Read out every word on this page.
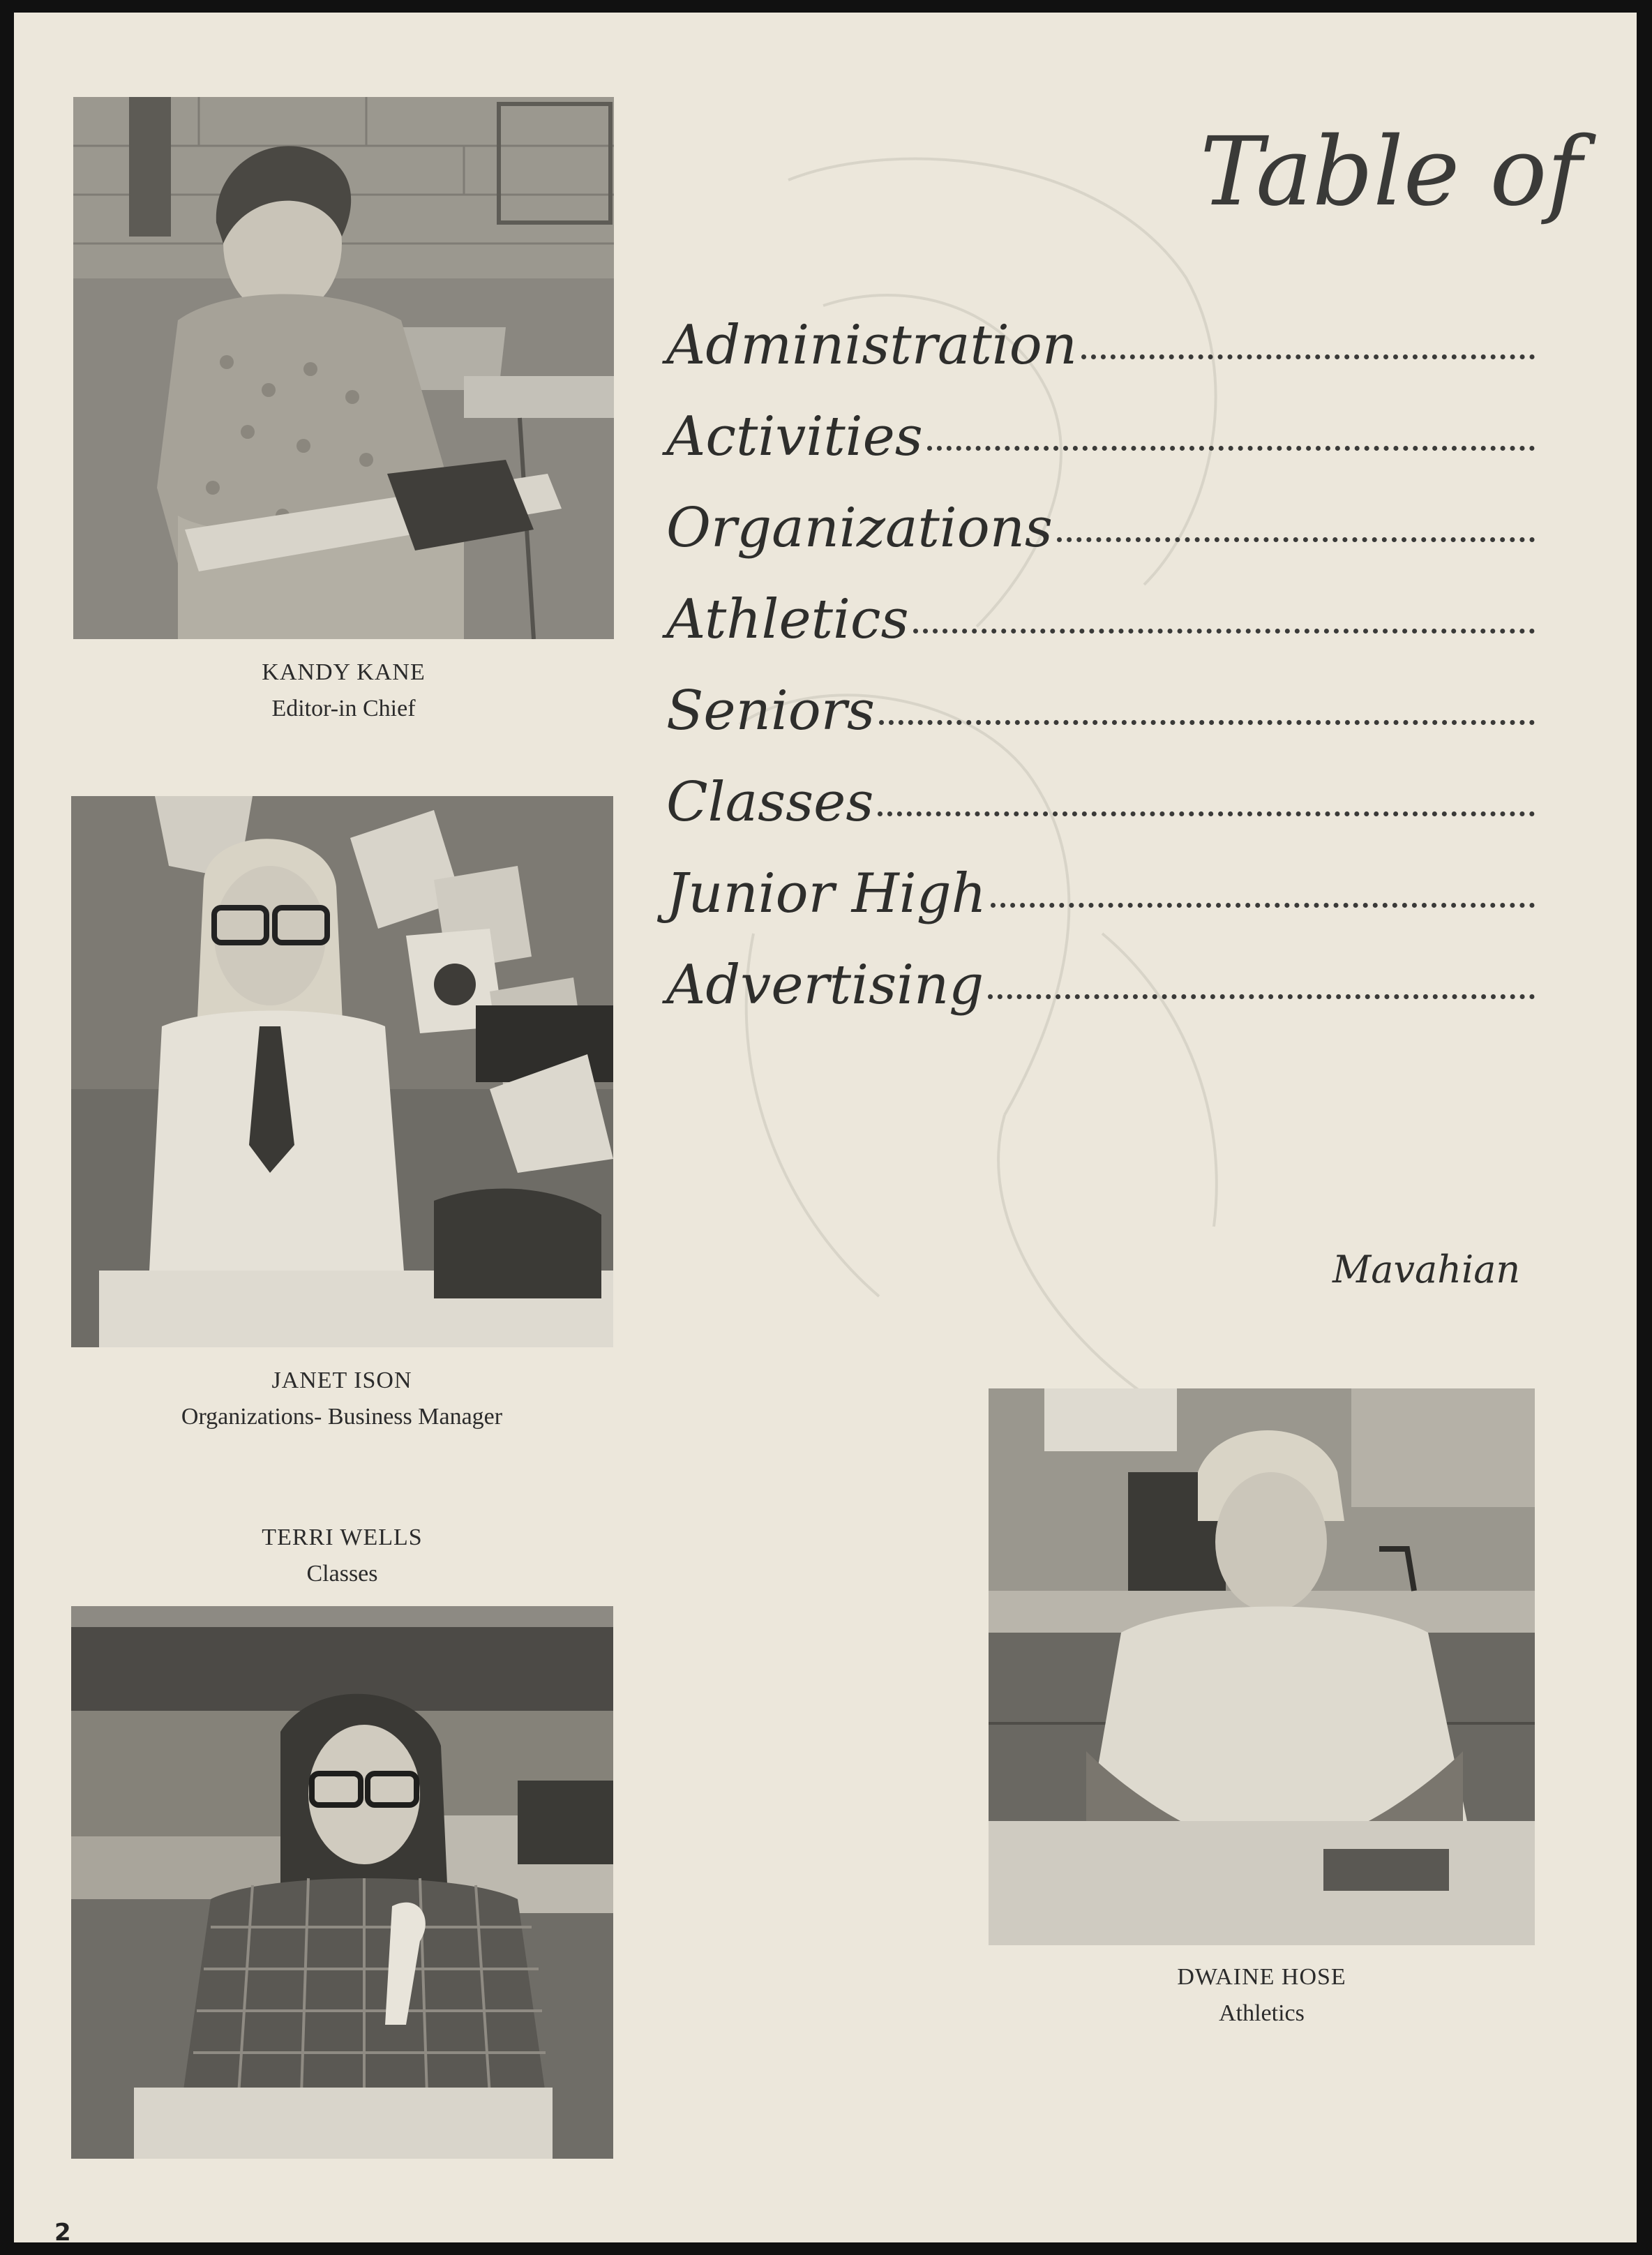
KANDY KANE
Editor-in Chief
JANET ISON
Organizations- Business Manager
TERRI WELLS
Classes
DWAINE HOSE
Athletics
Table of
Administration
Activities
Organizations
Athletics
Seniors
Classes
Junior High
Advertising
Mavahian
2
